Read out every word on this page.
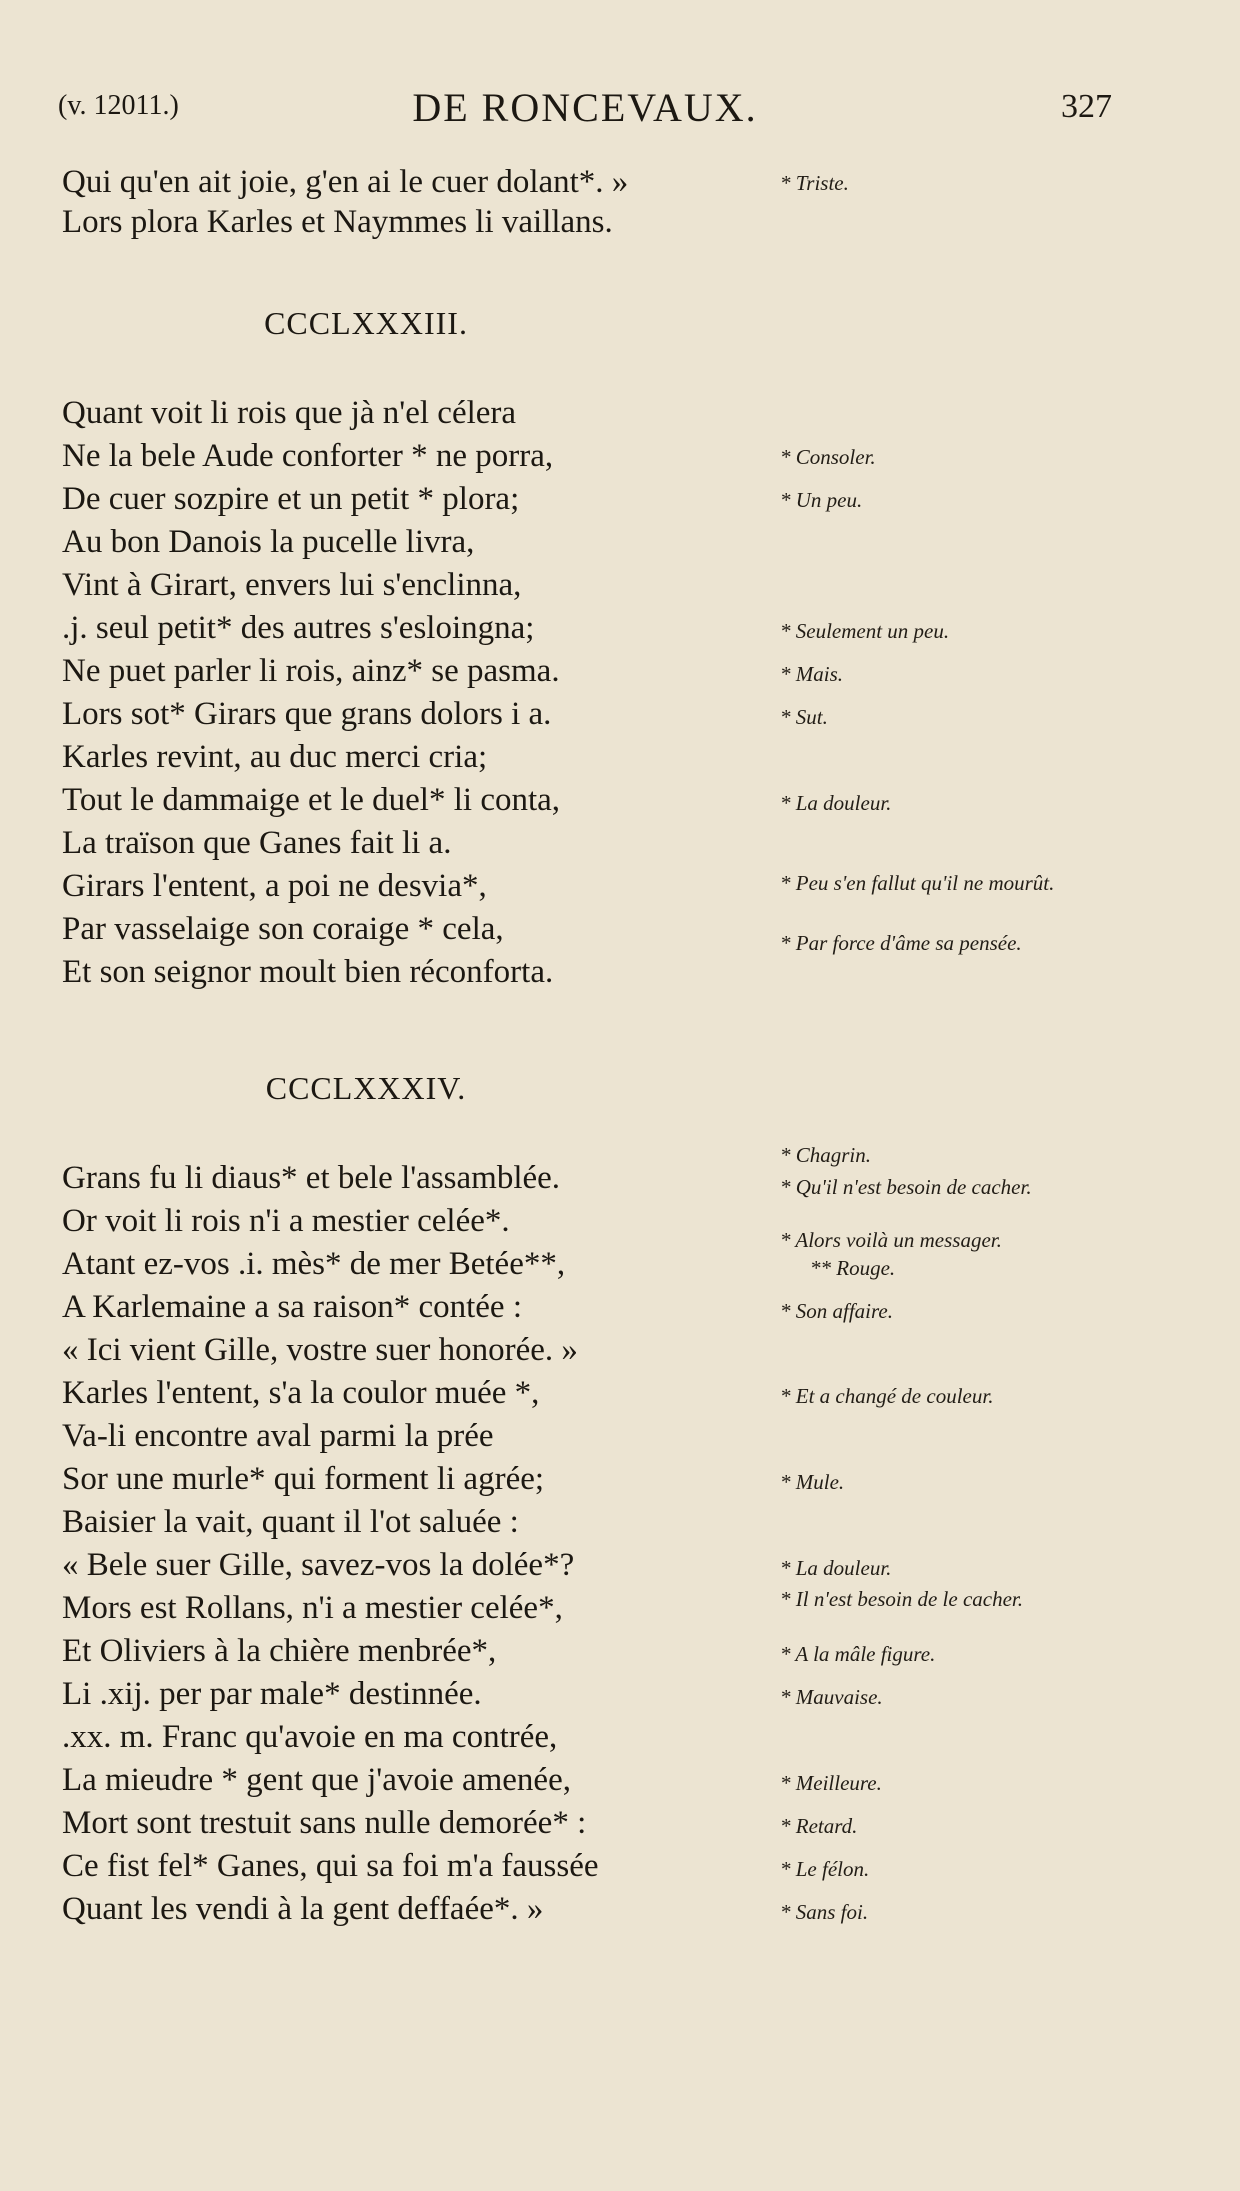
(v. 12011.)	DE RONCEVAUX.	327
Qui qu'en ait joie, g'en ai le cuer dolant*. »
Lors plora Karles et Naymmes li vaillans.
CCCLXXXIII.
Quant voit li rois que jà n'el célera
Ne la bele Aude conforter * ne porra,
De cuer sozpire et un petit * plora;
Au bon Danois la pucelle livra,
Vint à Girart, envers lui s'enclinna,
.j. seul petit* des autres s'esloingna;
Ne puet parler li rois, ainz* se pasma.
Lors sot* Girars que grans dolors i a.
Karles revint, au duc merci cria;
Tout le dammaige et le duel* li conta,
La traïson que Ganes fait li a.
Girars l'entent, a poi ne desvia*,
Par vasselaige son coraige * cela,
Et son seignor moult bien réconforta.
CCCLXXXIV.
Grans fu li diaus* et bele l'assamblée.
Or voit li rois n'i a mestier celée*.
Atant ez-vos .i. mès* de mer Betée**,
A Karlemaine a sa raison* contée :
« Ici vient Gille, vostre suer honorée. »
Karles l'entent, s'a la coulor muée *,
Va-li encontre aval parmi la prée
Sor une murle* qui forment li agrée;
Baisier la vait, quant il l'ot saluée :
« Bele suer Gille, savez-vos la dolée*?
Mors est Rollans, n'i a mestier celée*,
Et Oliviers à la chière menbrée*,
Li .xij. per par male* destinnée.
.xx. m. Franc qu'avoie en ma contrée,
La mieudre * gent que j'avoie amenée,
Mort sont trestuit sans nulle demorée* :
Ce fist fel* Ganes, qui sa foi m'a faussée
Quant les vendi à la gent deffaée*. »
* Triste.
* Consoler.
* Un peu.
* Seulement un peu.
* Mais.
* Sut.
* La douleur.
* Peu s'en fallut qu'il ne mourût.
* Par force d'âme sa pensée.
* Chagrin.
* Qu'il n'est besoin de cacher.
* Alors voilà un messager.
** Rouge.
* Son affaire.
* Et a changé de couleur.
* Mule.
* La douleur.
* Il n'est besoin de le cacher.
* A la mâle figure.
* Mauvaise.
* Meilleure.
* Retard.
* Le félon.
* Sans foi.
